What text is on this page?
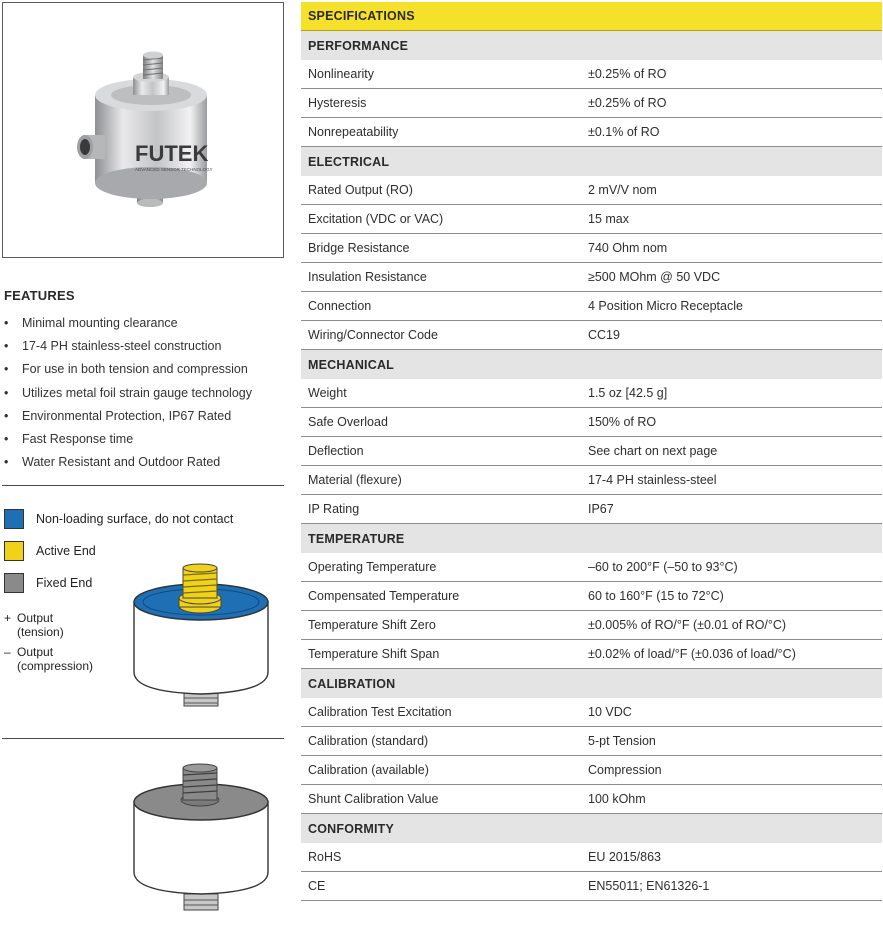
FUTEK
ADVANCED SENSOR TECHNOLOGY
FEATURES
• Minimal mounting clearance
• 17-4 PH stainless-steel construction
• For use in both tension and compression
• Utilizes metal foil strain gauge technology
• Environmental Protection, IP67 Rated
• Fast Response time
• Water Resistant and Outdoor Rated
Non-loading surface, do not contact
Active End
Fixed End
+ Output
(tension)
– Output
(compression)
SPECIFICATIONS
PERFORMANCE
Nonlinearity	±0.25% of RO
Hysteresis	±0.25% of RO
Nonrepeatability	±0.1% of RO
ELECTRICAL
Rated Output (RO)	2 mV/V nom
Excitation (VDC or VAC)	15 max
Bridge Resistance	740 Ohm nom
Insulation Resistance	≥500 MOhm @ 50 VDC
Connection	4 Position Micro Receptacle
Wiring/Connector Code	CC19
MECHANICAL
Weight	1.5 oz [42.5 g]
Safe Overload	150% of RO
Deflection	See chart on next page
Material (flexure)	17-4 PH stainless-steel
IP Rating	IP67
TEMPERATURE
Operating Temperature	–60 to 200°F (–50 to 93°C)
Compensated Temperature	60 to 160°F (15 to 72°C)
Temperature Shift Zero	±0.005% of RO/°F (±0.01 of RO/°C)
Temperature Shift Span	±0.02% of load/°F (±0.036 of load/°C)
CALIBRATION
Calibration Test Excitation	10 VDC
Calibration (standard)	5-pt Tension
Calibration (available)	Compression
Shunt Calibration Value	100 kOhm
CONFORMITY
RoHS	EU 2015/863
CE	EN55011; EN61326-1
